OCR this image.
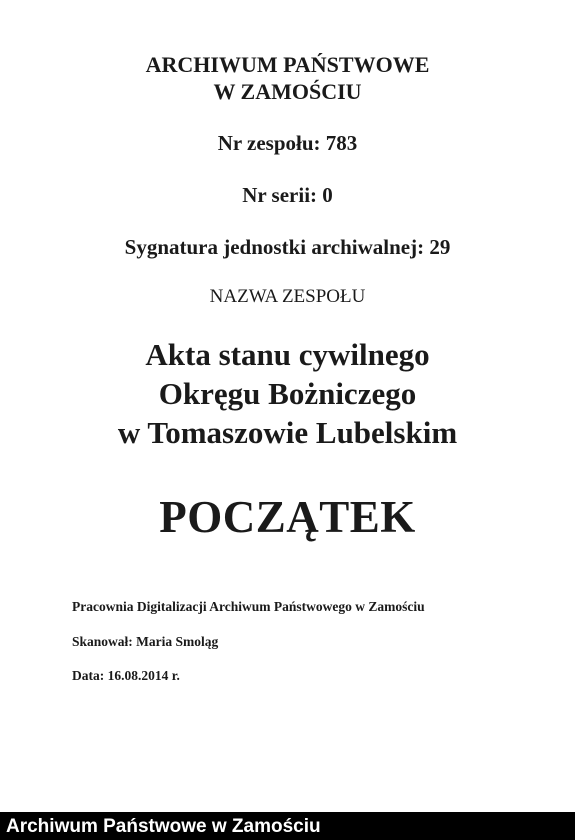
ARCHIWUM PAŃSTWOWE
W ZAMOŚCIU
Nr zespołu: 783
Nr serii: 0
Sygnatura jednostki archiwalnej: 29
NAZWA ZESPOŁU
Akta stanu cywilnego
Okręgu Bożniczego
w Tomaszowie Lubelskim
POCZĄTEK
Pracownia Digitalizacji Archiwum Państwowego w Zamościu
Skanował: Maria Smoląg
Data: 16.08.2014 r.
Archiwum Państwowe w Zamościu
